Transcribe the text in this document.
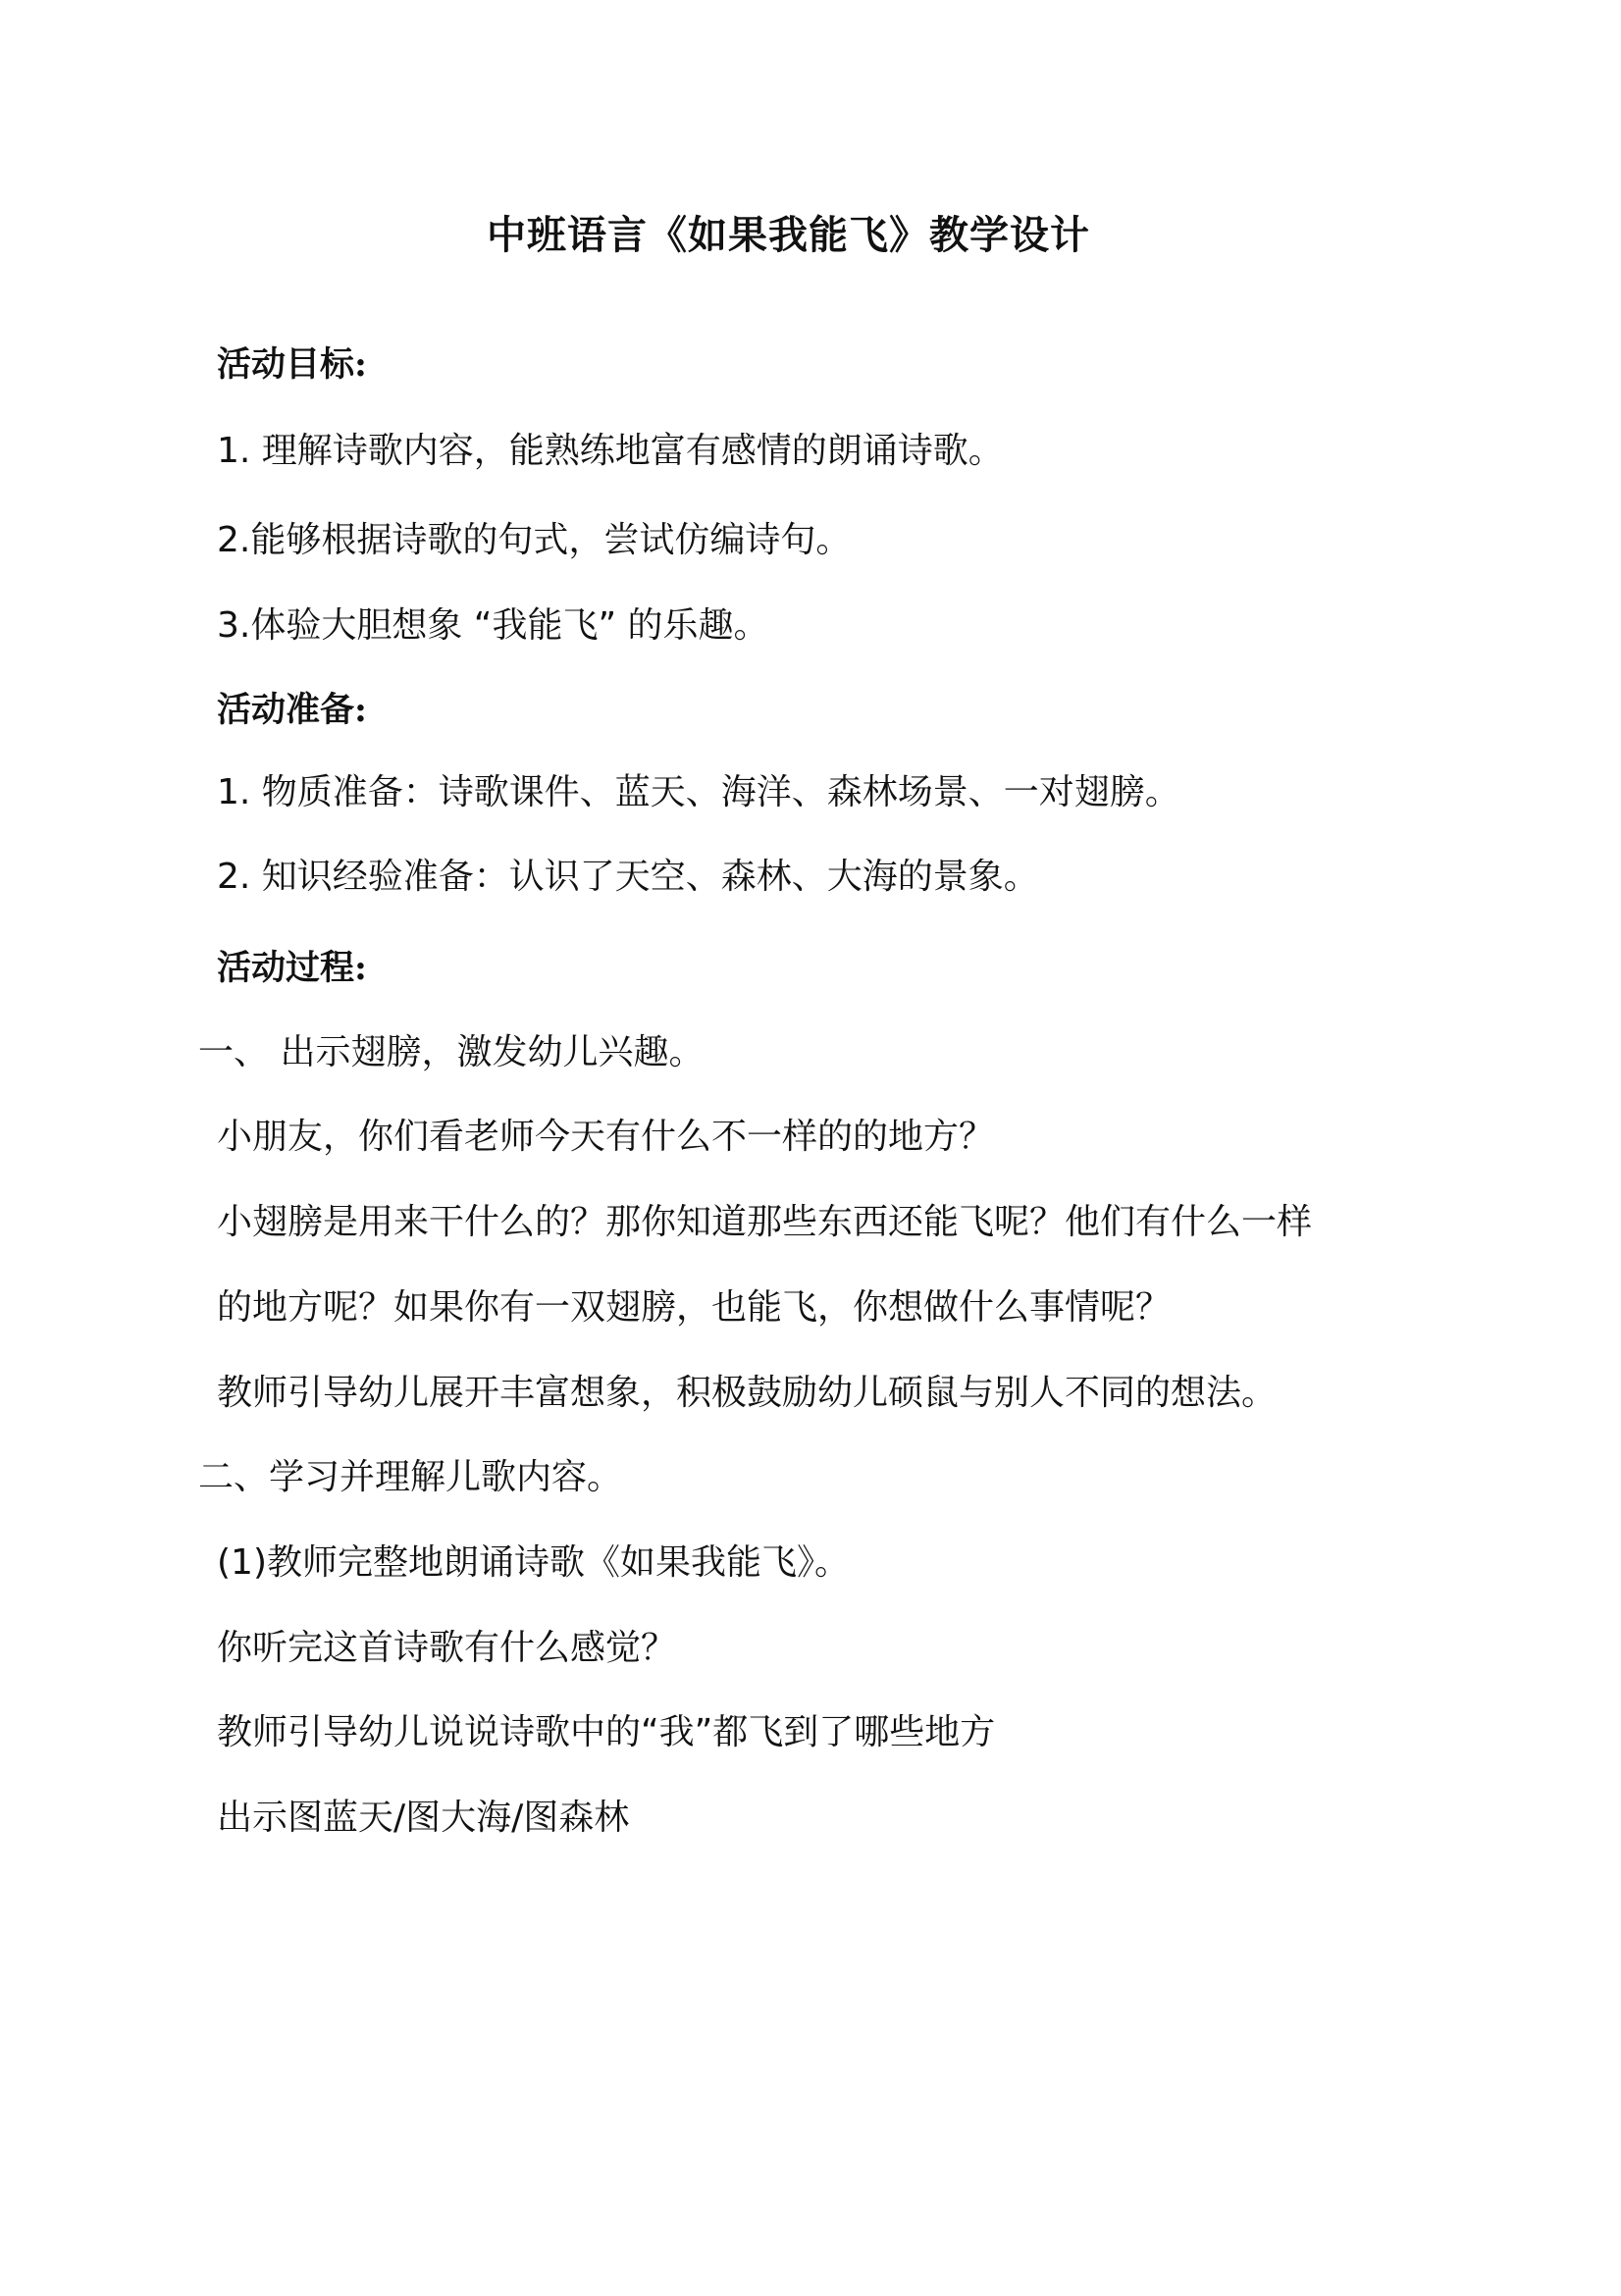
中班语言《如果我能飞》教学设计
活动目标:
1. 理解诗歌内容，能熟练地富有感情的朗诵诗歌。
2.能够根据诗歌的句式，尝试仿编诗句。
3.体验大胆想象 “我能飞” 的乐趣。
活动准备:
1. 物质准备：诗歌课件、蓝天、海洋、森林场景、一对翅膀。
2. 知识经验准备：认识了天空、森林、大海的景象。
活动过程:
一、 出示翅膀，激发幼儿兴趣。
小朋友，你们看老师今天有什么不一样的的地方？
小翅膀是用来干什么的？那你知道那些东西还能飞呢？他们有什么一样
的地方呢？如果你有一双翅膀，也能飞，你想做什么事情呢？
教师引导幼儿展开丰富想象，积极鼓励幼儿硕鼠与别人不同的想法。
二、学习并理解儿歌内容。
(1)教师完整地朗诵诗歌《如果我能飞》。
你听完这首诗歌有什么感觉？
教师引导幼儿说说诗歌中的“我”都飞到了哪些地方
出示图蓝天/图大海/图森林
